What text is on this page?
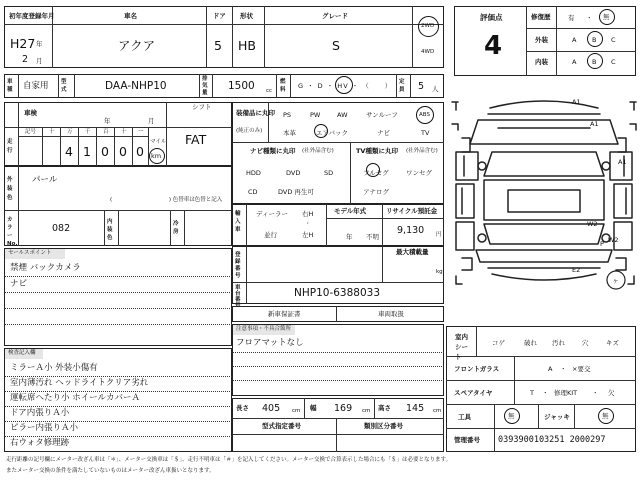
初年度登録年月
H27 年
2 月
車名
アクア
ドア
5
形状
HB
グレード
S
2WD
4WD
評価点
4
修復歴	有 ・ 無
外装	A B C
内装	A B C
車種 自家用 型式	DAA-NHP10
排気量
1500 cc
燃料	G ・ D ・ HV ・ （　　） 定員 5 人
車検
年	月
シフト
FAT
走行
記号 十 万 千 百 十 一
4 1 0 0 0
マイル
km
装備品に丸印
(純正のみ)
PS	PW	AW	サンルーフ	ABS
本革	エアバック	ナビ	TV
ナビ種類に丸印 (社外品含む)
HDD	DVD	SD
CD	DVD 再生可
TV種類に丸印 (社外品含む)
フルセグ	ワンセグ
アナログ
外装色
パール
( 　　　　　　　　　　) 色替車は色替と記入
カラーNo.
082
内装色
冷房
輸入車
ディーラー
並行
右H
・
左H
モデル年式
年 不明
リサイクル預託金
9,130 円
登録番号
最大積載量
kg
車台番
NHP10-6388033
新車保証書	車両取扱
セールスポイント
禁煙 バックカメラ
ナビ
注意事項・不具合箇所
フロアマットなし
検査記入欄
ミラーＡ小 外装小傷有
室内薄汚れ ヘッドライトクリア劣れ
運転席へたり小 ホイールカバーＡ
ドア内張りＡ小
ピラー内張りＡ小
右ウォタ修理跡
長さ 405 cm 幅 169 cm 高さ 145 cm
型式指定番号	類別区分番号
A1
A1
W2
A1
W2
E2
P
ヶ
室内シート
コゲ	破れ 汚れ	穴	キズ
フロントガラス	A ・ ×要交
スペアタイヤ	T ・ 修理KIT ・ 欠
工具	無	ジャッキ	無
管理番号 0393900103251 2000297
走行距離の記号欄にメーター改ざん車は「＊」、メーター交換車は「＄」、走行不明車は「＃」を記入してください。メーター交換で合算表示した場合にも「＄」は必要となります。
またメーター交換の条件を満たしていないものはメーター改ざん車扱いとなります。
